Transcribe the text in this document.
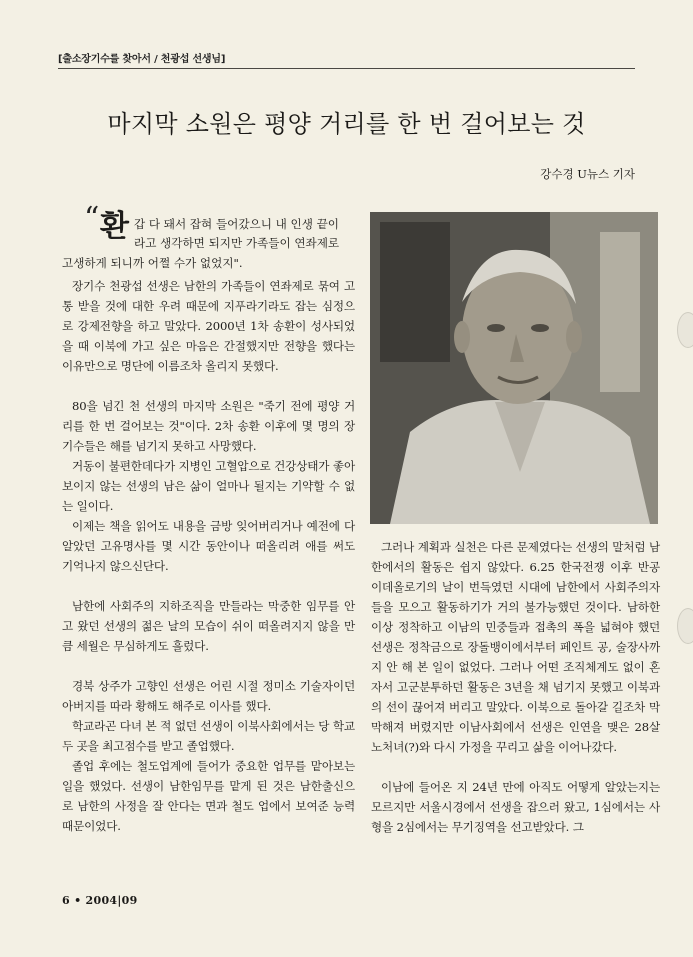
[출소장기수를 찾아서 / 천광섭 선생님]
마지막 소원은 평양 거리를 한 번 걸어보는 것
강수경 U뉴스 기자
“ 환 갑 다 돼서 잡혀 들어갔으니 내 인생 끝이
라고 생각하면 되지만 가족들이 연좌제로
고생하게 되니까 어쩔 수가 없었지".

장기수 천광섭 선생은 남한의 가족들이 연좌제로 묶여 고통 받을 것에 대한 우려 때문에 지푸라기라도 잡는 심정으로 강제전향을 하고 말았다. 2000년 1차 송환이 성사되었을 때 이북에 가고 싶은 마음은 간절했지만 전향을 했다는 이유만으로 명단에 이름조차 올리지 못했다.

80을 넘긴 천 선생의 마지막 소원은 "죽기 전에 평양 거리를 한 번 걸어보는 것"이다. 2차 송환 이후에 몇 명의 장기수들은 해를 넘기지 못하고 사망했다.

거동이 불편한데다가 지병인 고혈압으로 건강상태가 좋아 보이지 않는 선생의 남은 삶이 얼마나 될지는 기약할 수 없는 일이다.

이제는 책을 읽어도 내용을 금방 잊어버리거나 예전에 다 알았던 고유명사를 몇 시간 동안이나 떠올리려 애를 써도 기억나지 않으신단다.

남한에 사회주의 지하조직을 만들라는 막중한 임무를 안고 왔던 선생의 젊은 날의 모습이 쉬이 떠올려지지 않을 만큼 세월은 무심하게도 흘렀다.

경북 상주가 고향인 선생은 어린 시절 정미소 기술자이던 아버지를 따라 황해도 해주로 이사를 했다.

학교라곤 다녀 본 적 없던 선생이 이북사회에서는 당 학교 두 곳을 최고점수를 받고 졸업했다.

졸업 후에는 철도업계에 들어가 중요한 업무를 맡아보는 일을 했었다. 선생이 남한임무를 맡게 된 것은 남한출신으로 남한의 사정을 잘 안다는 면과 철도 업에서 보여준 능력 때문이었다.

그러나 계획과 실천은 다른 문제였다는 선생의 말처럼 남한에서의 활동은 쉽지 않았다. 6.25 한국전쟁 이후 반공 이데올로기의 날이 번득였던 시대에 남한에서 사회주의자들을 모으고 활동하기가 거의 불가능했던 것이다. 남하한 이상 정착하고 이남의 민중들과 접촉의 폭을 넓혀야 했던 선생은 정착금으로 장돌뱅이에서부터 페인트 공, 술장사까지 안 해 본 일이 없었다. 그러나 어떤 조직체계도 없이 혼자서 고군분투하던 활동은 3년을 채 넘기지 못했고 이북과의 선이 끊어져 버리고 말았다. 이북으로 돌아갈 길조차 막막해져 버렸지만 이남사회에서 선생은 인연을 맺은 28살 노처녀(?)와 다시 가정을 꾸리고 삶을 이어나갔다.

이남에 들어온 지 24년 만에 아직도 어떻게 알았는지는 모르지만 서울시경에서 선생을 잡으러 왔고, 1심에서는 사형을 2심에서는 무기징역을 선고받았다. 그

6 • 2004|09
